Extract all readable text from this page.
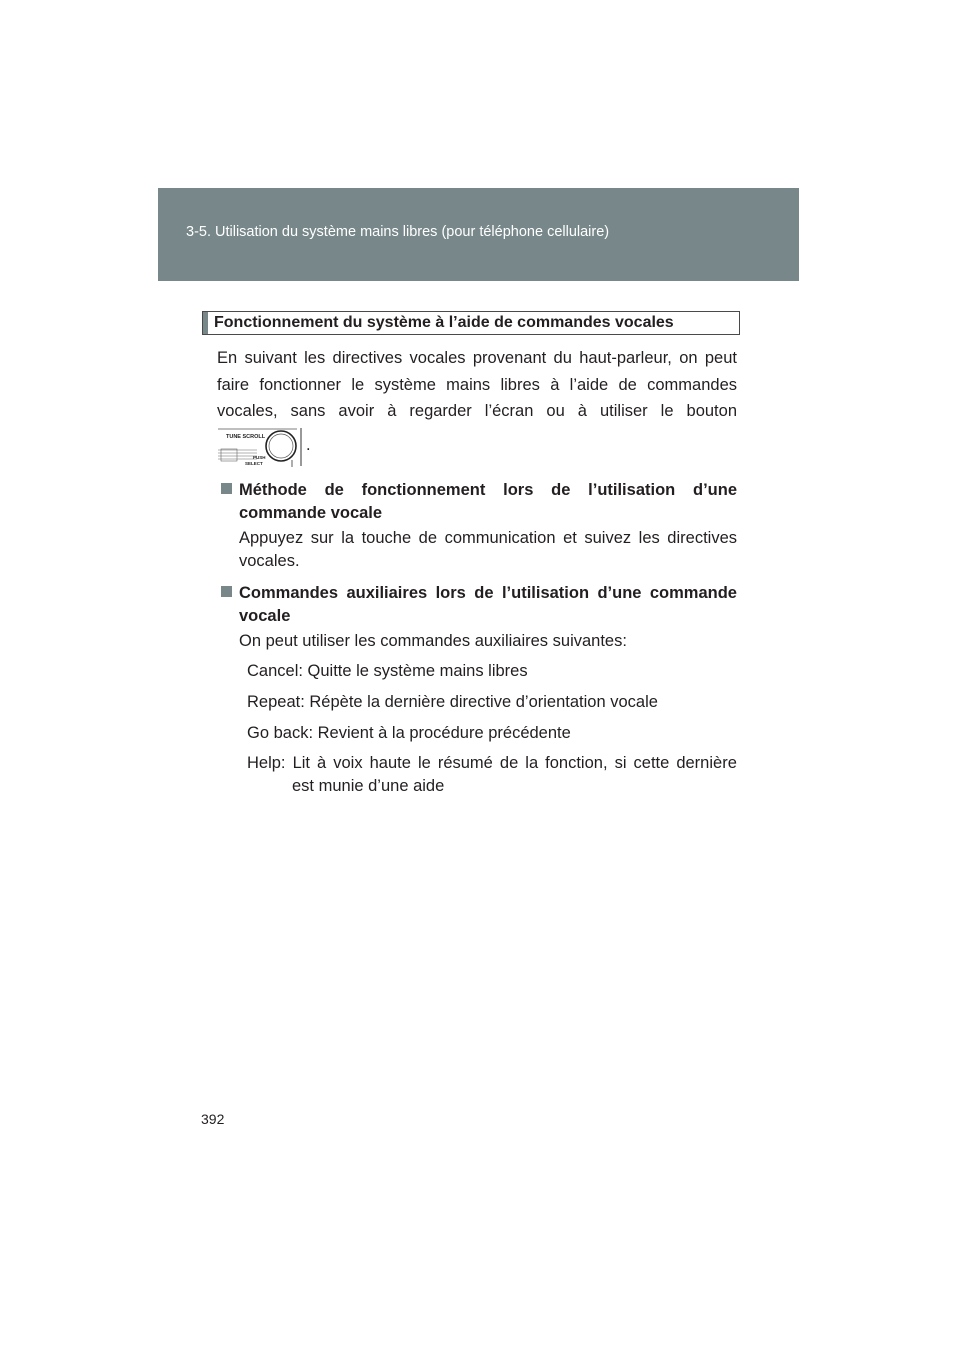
3-5. Utilisation du système mains libres (pour téléphone cellulaire)
Fonctionnement du système à l’aide de commandes vocales
En suivant les directives vocales provenant du haut-parleur, on peut
faire fonctionner le système mains libres à l’aide de commandes
vocales, sans avoir à regarder l’écran ou à utiliser le bouton
TUNE SCROLL
PUSH
SELECT
.
Méthode de fonctionnement lors de l’utilisation d’une
commande vocale
Appuyez sur la touche de communication et suivez les directives
vocales.
Commandes auxiliaires lors de l’utilisation d’une commande
vocale
On peut utiliser les commandes auxiliaires suivantes:
Cancel: Quitte le système mains libres
Repeat: Répète la dernière directive d’orientation vocale
Go back: Revient à la procédure précédente
Help: Lit à voix haute le résumé de la fonction, si cette dernière
est munie d’une aide
392
